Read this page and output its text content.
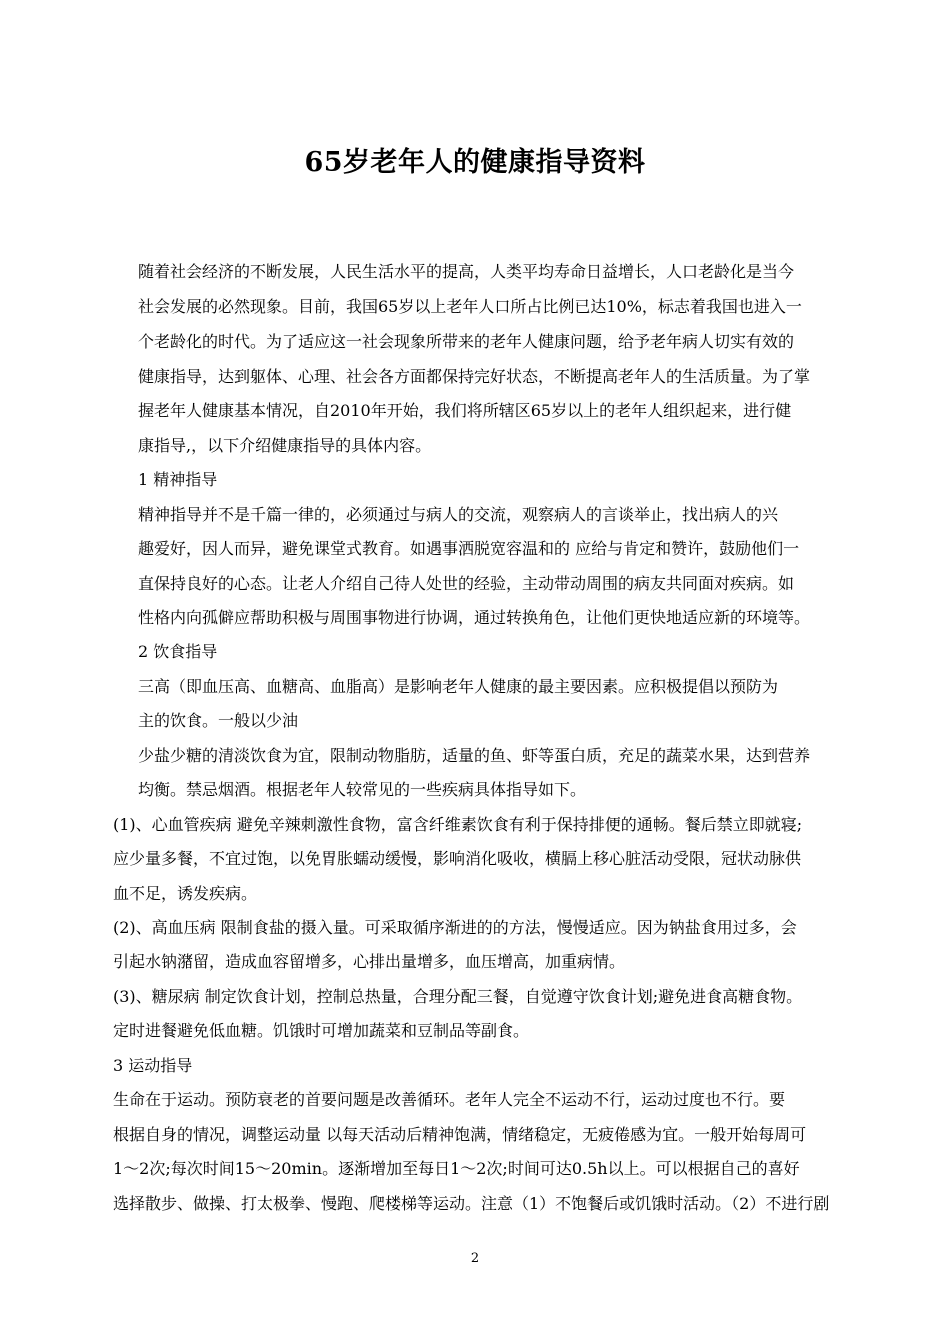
65岁老年人的健康指导资料
随着社会经济的不断发展，人民生活水平的提高，人类平均寿命日益增长，人口老龄化是当今
社会发展的必然现象。目前，我国65岁以上老年人口所占比例已达10%，标志着我国也进入一
个老龄化的时代。为了适应这一社会现象所带来的老年人健康问题，给予老年病人切实有效的
健康指导，达到躯体、心理、社会各方面都保持完好状态，不断提高老年人的生活质量。为了掌
握老年人健康基本情况，自2010年开始，我们将所辖区65岁以上的老年人组织起来，进行健
康指导,，以下介绍健康指导的具体内容。
1 精神指导
精神指导并不是千篇一律的，必须通过与病人的交流，观察病人的言谈举止，找出病人的兴
趣爱好，因人而异，避免课堂式教育。如遇事洒脱宽容温和的 应给与肯定和赞许，鼓励他们一
直保持良好的心态。让老人介绍自己待人处世的经验，主动带动周围的病友共同面对疾病。如
性格内向孤僻应帮助积极与周围事物进行协调，通过转换角色，让他们更快地适应新的环境等。
2 饮食指导
三高（即血压高、血糖高、血脂高）是影响老年人健康的最主要因素。应积极提倡以预防为
主的饮食。一般以少油
少盐少糖的清淡饮食为宜，限制动物脂肪，适量的鱼、虾等蛋白质，充足的蔬菜水果，达到营养
均衡。禁忌烟酒。根据老年人较常见的一些疾病具体指导如下。
(1)、心血管疾病 避免辛辣刺激性食物，富含纤维素饮食有利于保持排便的通畅。餐后禁立即就寝;
应少量多餐，不宜过饱，以免胃胀蠕动缓慢，影响消化吸收，横膈上移心脏活动受限，冠状动脉供
血不足，诱发疾病。
(2)、高血压病 限制食盐的摄入量。可采取循序渐进的的方法，慢慢适应。因为钠盐食用过多，会
引起水钠潴留，造成血容留增多，心排出量增多，血压增高，加重病情。
(3)、糖尿病 制定饮食计划，控制总热量，合理分配三餐，自觉遵守饮食计划;避免进食高糖食物。
定时进餐避免低血糖。饥饿时可增加蔬菜和豆制品等副食。
3 运动指导
生命在于运动。预防衰老的首要问题是改善循环。老年人完全不运动不行，运动过度也不行。要
根据自身的情况，调整运动量 以每天活动后精神饱满，情绪稳定，无疲倦感为宜。一般开始每周可
1～2次;每次时间15～20min。逐渐增加至每日1～2次;时间可达0.5h以上。可以根据自己的喜好
选择散步、做操、打太极拳、慢跑、爬楼梯等运动。注意（1）不饱餐后或饥饿时活动。（2）不进行剧
2
